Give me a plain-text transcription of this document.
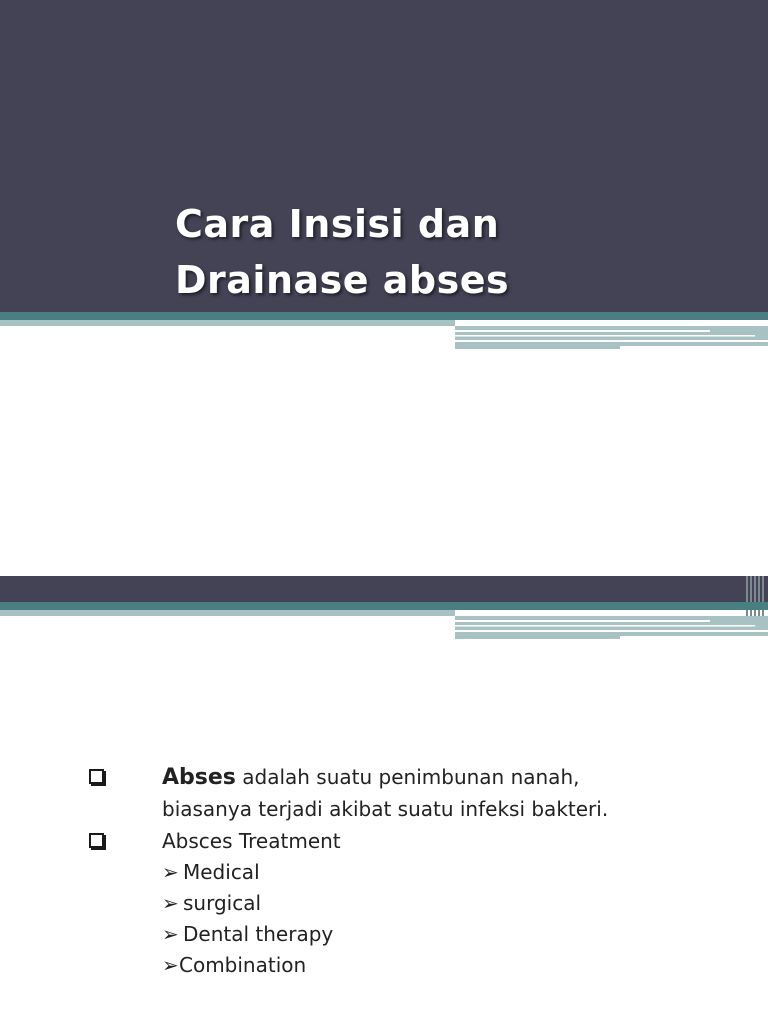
Cara Insisi dan
Drainase abses
Abses adalah suatu penimbunan nanah,
biasanya terjadi akibat suatu infeksi bakteri.
Absces Treatment
➢ Medical
➢ surgical
➢ Dental therapy
➢Combination
